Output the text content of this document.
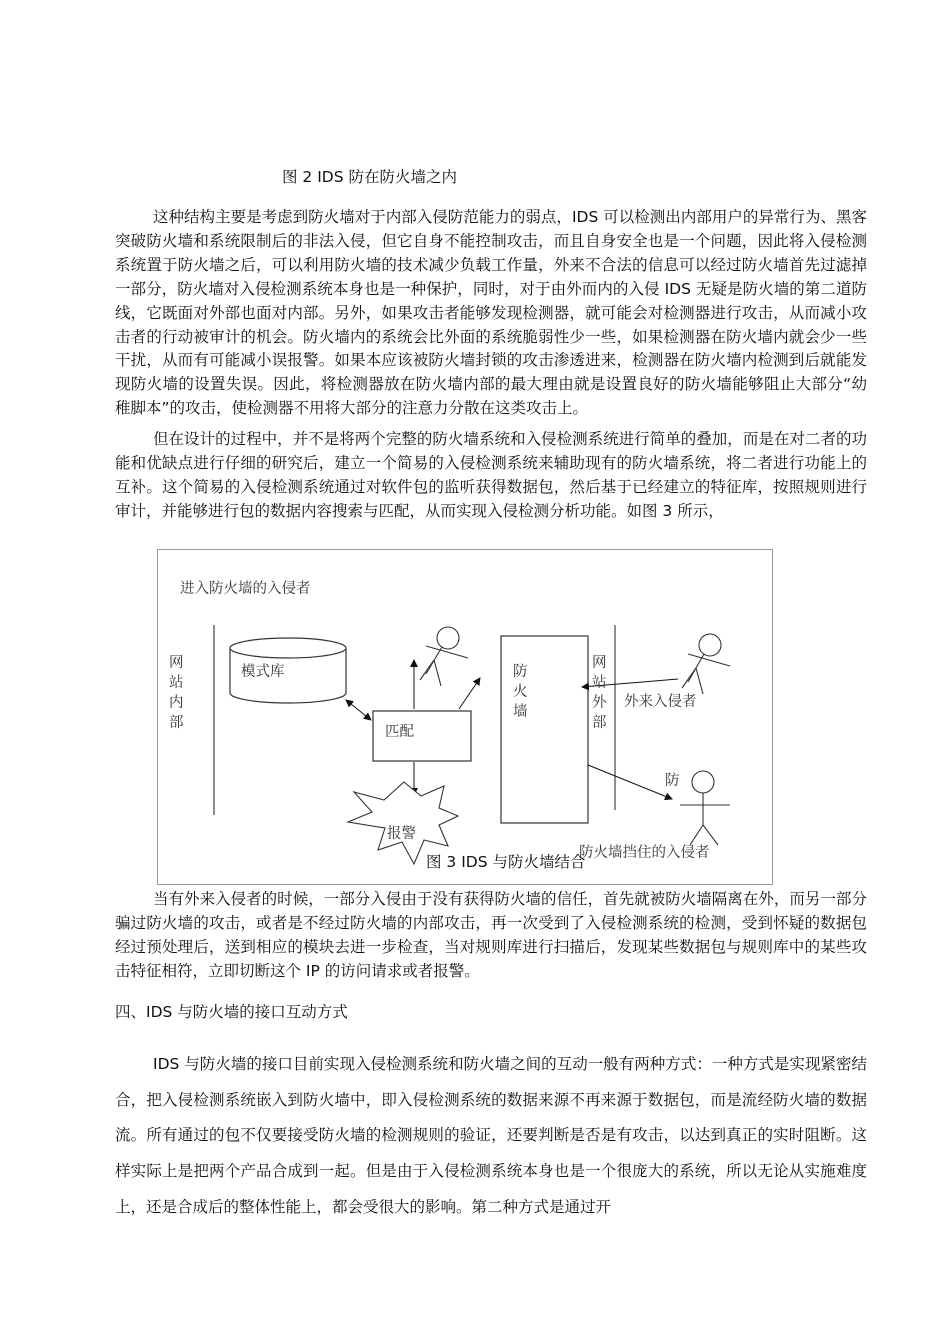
图 2 IDS 防在防火墙之内

这种结构主要是考虑到防火墙对于内部入侵防范能力的弱点，IDS 可以检测出内部用户的异常行为、黑客突破防火墙和系统限制后的非法入侵，但它自身不能控制攻击，而且自身安全也是一个问题，因此将入侵检测系统置于防火墙之后，可以利用防火墙的技术减少负载工作量，外来不合法的信息可以经过防火墙首先过滤掉一部分，防火墙对入侵检测系统本身也是一种保护，同时，对于由外而内的入侵 IDS 无疑是防火墙的第二道防线，它既面对外部也面对内部。另外，如果攻击者能够发现检测器，就可能会对检测器进行攻击，从而减小攻击者的行动被审计的机会。防火墙内的系统会比外面的系统脆弱性少一些，如果检测器在防火墙内就会少一些干扰，从而有可能减小误报警。如果本应该被防火墙封锁的攻击渗透进来，检测器在防火墙内检测到后就能发现防火墙的设置失误。因此，将检测器放在防火墙内部的最大理由就是设置良好的防火墙能够阻止大部分“幼稚脚本”的攻击，使检测器不用将大部分的注意力分散在这类攻击上。

但在设计的过程中，并不是将两个完整的防火墙系统和入侵检测系统进行简单的叠加，而是在对二者的功能和优缺点进行仔细的研究后，建立一个简易的入侵检测系统来辅助现有的防火墙系统，将二者进行功能上的互补。这个简易的入侵检测系统通过对软件包的监听获得数据包，然后基于已经建立的特征库，按照规则进行审计，并能够进行包的数据内容搜索与匹配，从而实现入侵检测分析功能。如图 3 所示，

进入防火墙的入侵者
网站内部
模式库
匹配
报警
防火墙
网站外部
外来入侵者
防
防火墙挡住的入侵者
图 3 IDS 与防火墙结合

当有外来入侵者的时候，一部分入侵由于没有获得防火墙的信任，首先就被防火墙隔离在外，而另一部分骗过防火墙的攻击，或者是不经过防火墙的内部攻击，再一次受到了入侵检测系统的检测，受到怀疑的数据包经过预处理后，送到相应的模块去进一步检查，当对规则库进行扫描后，发现某些数据包与规则库中的某些攻击特征相符，立即切断这个 IP 的访问请求或者报警。

四、IDS 与防火墙的接口互动方式

IDS 与防火墙的接口目前实现入侵检测系统和防火墙之间的互动一般有两种方式：一种方式是实现紧密结合，把入侵检测系统嵌入到防火墙中，即入侵检测系统的数据来源不再来源于数据包，而是流经防火墙的数据流。所有通过的包不仅要接受防火墙的检测规则的验证，还要判断是否是有攻击，以达到真正的实时阻断。这样实际上是把两个产品合成到一起。但是由于入侵检测系统本身也是一个很庞大的系统，所以无论从实施难度上，还是合成后的整体性能上，都会受很大的影响。第二种方式是通过开
